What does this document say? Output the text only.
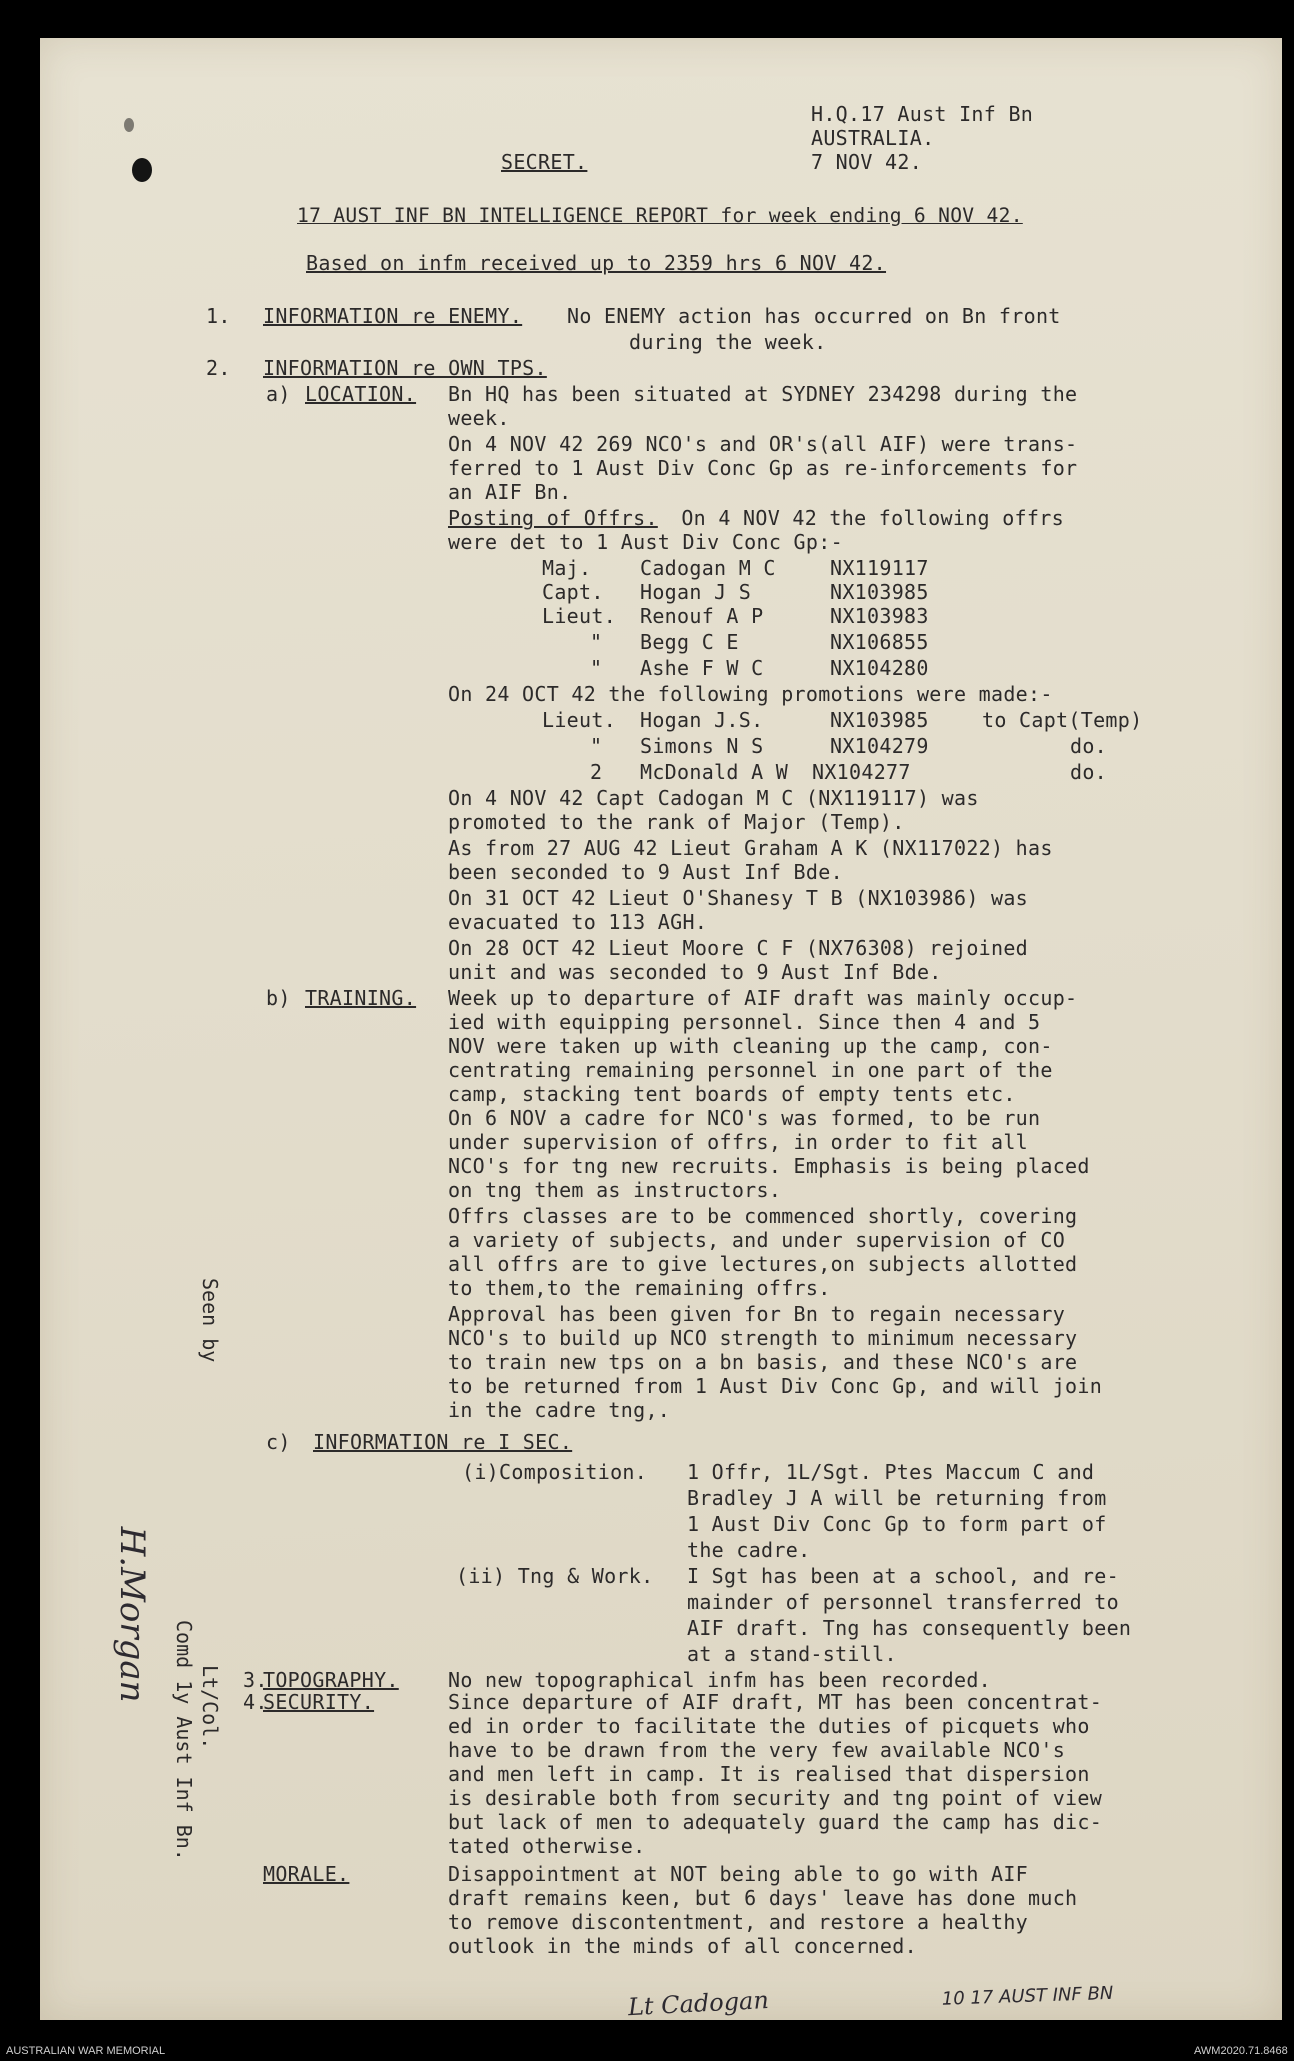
H.Q.17 Aust Inf Bn
AUSTRALIA.
7 NOV 42.
SECRET.
17 AUST INF BN INTELLIGENCE REPORT for week ending 6 NOV 42.
Based on infm received up to 2359 hrs 6 NOV 42.
1. INFORMATION re ENEMY. No ENEMY action has occurred on Bn front
during the week.
2. INFORMATION re OWN TPS.
a) LOCATION. Bn HQ has been situated at SYDNEY 234298 during the
week.
On 4 NOV 42 269 NCO's and OR's(all AIF) were trans-
ferred to 1 Aust Div Conc Gp as re-inforcements for
an AIF Bn.
Posting of Offrs. On 4 NOV 42 the following offrs
were det to 1 Aust Div Conc Gp:-
Maj. Cadogan M C	NX119117
Capt. Hogan J S	NX103985
Lieut. Renouf A P	NX103983
" Begg C E	NX106855
" Ashe F W C	NX104280
On 24 OCT 42 the following promotions were made:-
Lieut. Hogan J.S.	NX103985	to Capt(Temp)
" Simons N S	NX104279	do.
2 McDonald A W NX104277	do.
On 4 NOV 42 Capt Cadogan M C (NX119117) was
promoted to the rank of Major (Temp).
As from 27 AUG 42 Lieut Graham A K (NX117022) has
been seconded to 9 Aust Inf Bde.
On 31 OCT 42 Lieut O'Shanesy T B (NX103986) was
evacuated to 113 AGH.
On 28 OCT 42 Lieut Moore C F (NX76308) rejoined
unit and was seconded to 9 Aust Inf Bde.
b) TRAINING. Week up to departure of AIF draft was mainly occup-
ied with equipping personnel. Since then 4 and 5
NOV were taken up with cleaning up the camp, con-
centrating remaining personnel in one part of the
camp, stacking tent boards of empty tents etc.
On 6 NOV a cadre for NCO's was formed, to be run
under supervision of offrs, in order to fit all
NCO's for tng new recruits. Emphasis is being placed
on tng them as instructors.
Offrs classes are to be commenced shortly, covering
a variety of subjects, and under supervision of CO
all offrs are to give lectures,on subjects allotted
to them,to the remaining offrs.
Approval has been given for Bn to regain necessary
NCO's to build up NCO strength to minimum necessary
to train new tps on a bn basis, and these NCO's are
to be returned from 1 Aust Div Conc Gp, and will join
in the cadre tng,.
c) INFORMATION re I SEC.
(i)Composition. 1 Offr, 1L/Sgt. Ptes Maccum C and
Bradley J A will be returning from
1 Aust Div Conc Gp to form part of
the cadre.
(ii) Tng & Work. I Sgt has been at a school, and re-
mainder of personnel transferred to
AIF draft. Tng has consequently been
at a stand-still.
3.
TOPOGRAPHY. No new topographical infm has been recorded.
4.
SECURITY.	Since departure of AIF draft, MT has been concentrat-
ed in order to facilitate the duties of picquets who
have to be drawn from the very few available NCO's
and men left in camp. It is realised that dispersion
is desirable both from security and tng point of view
but lack of men to adequately guard the camp has dic-
tated otherwise.
MORALE.	Disappointment at NOT being able to go with AIF
draft remains keen, but 6 days' leave has done much
to remove discontentment, and restore a healthy
outlook in the minds of all concerned.
Seen by
Lt/Col.
Comd 1y Aust Inf Bn.

H.Morgan

Lt Cadogan	10 17 AUST INF BN

AUSTRALIAN WAR MEMORIAL	AWM2020.71.8468
